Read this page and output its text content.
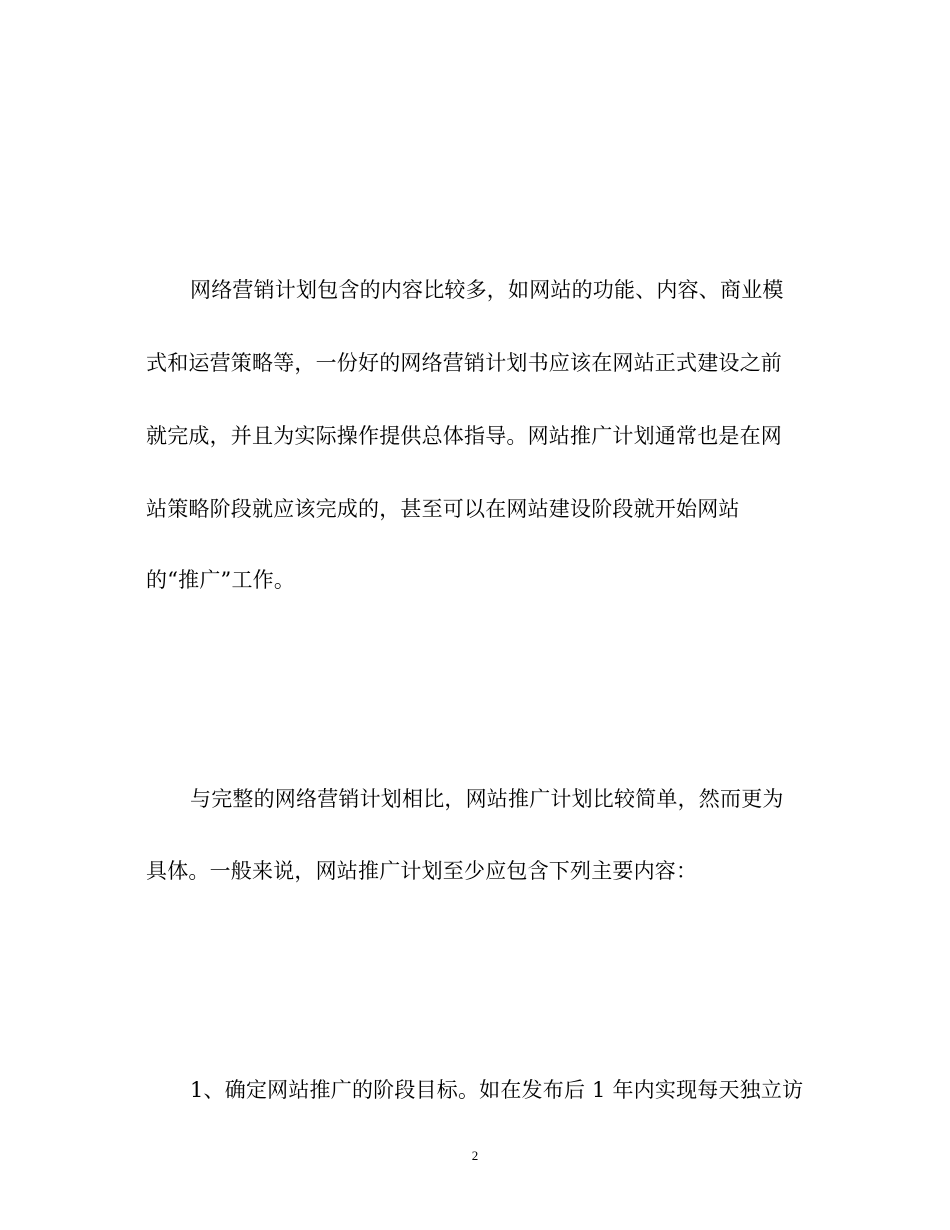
网络营销计划包含的内容比较多，如网站的功能、内容、商业模
式和运营策略等，一份好的网络营销计划书应该在网站正式建设之前
就完成，并且为实际操作提供总体指导。网站推广计划通常也是在网
站策略阶段就应该完成的，甚至可以在网站建设阶段就开始网站
的“推广”工作。
与完整的网络营销计划相比，网站推广计划比较简单，然而更为
具体。一般来说，网站推广计划至少应包含下列主要内容：
1、确定网站推广的阶段目标。如在发布后 1 年内实现每天独立访
2
